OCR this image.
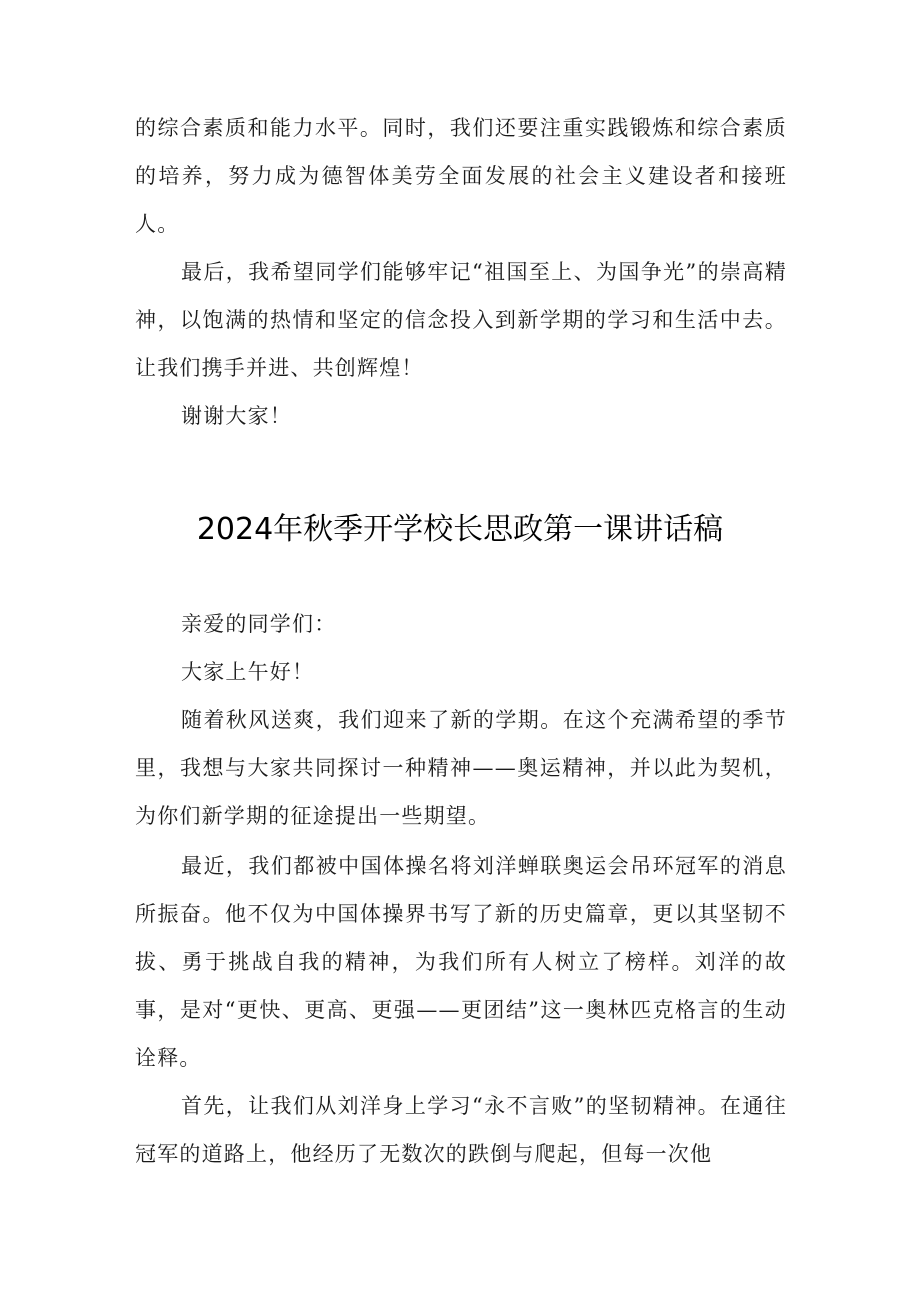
的综合素质和能力水平。同时，我们还要注重实践锻炼和综合素质的培养，努力成为德智体美劳全面发展的社会主义建设者和接班人。

最后，我希望同学们能够牢记“祖国至上、为国争光”的崇高精神，以饱满的热情和坚定的信念投入到新学期的学习和生活中去。让我们携手并进、共创辉煌！

谢谢大家！

2024年秋季开学校长思政第一课讲话稿

亲爱的同学们：

大家上午好！

随着秋风送爽，我们迎来了新的学期。在这个充满希望的季节里，我想与大家共同探讨一种精神——奥运精神，并以此为契机，为你们新学期的征途提出一些期望。

最近，我们都被中国体操名将刘洋蝉联奥运会吊环冠军的消息所振奋。他不仅为中国体操界书写了新的历史篇章，更以其坚韧不拔、勇于挑战自我的精神，为我们所有人树立了榜样。刘洋的故事，是对“更快、更高、更强——更团结”这一奥林匹克格言的生动诠释。

首先，让我们从刘洋身上学习“永不言败”的坚韧精神。在通往冠军的道路上，他经历了无数次的跌倒与爬起，但每一次他
